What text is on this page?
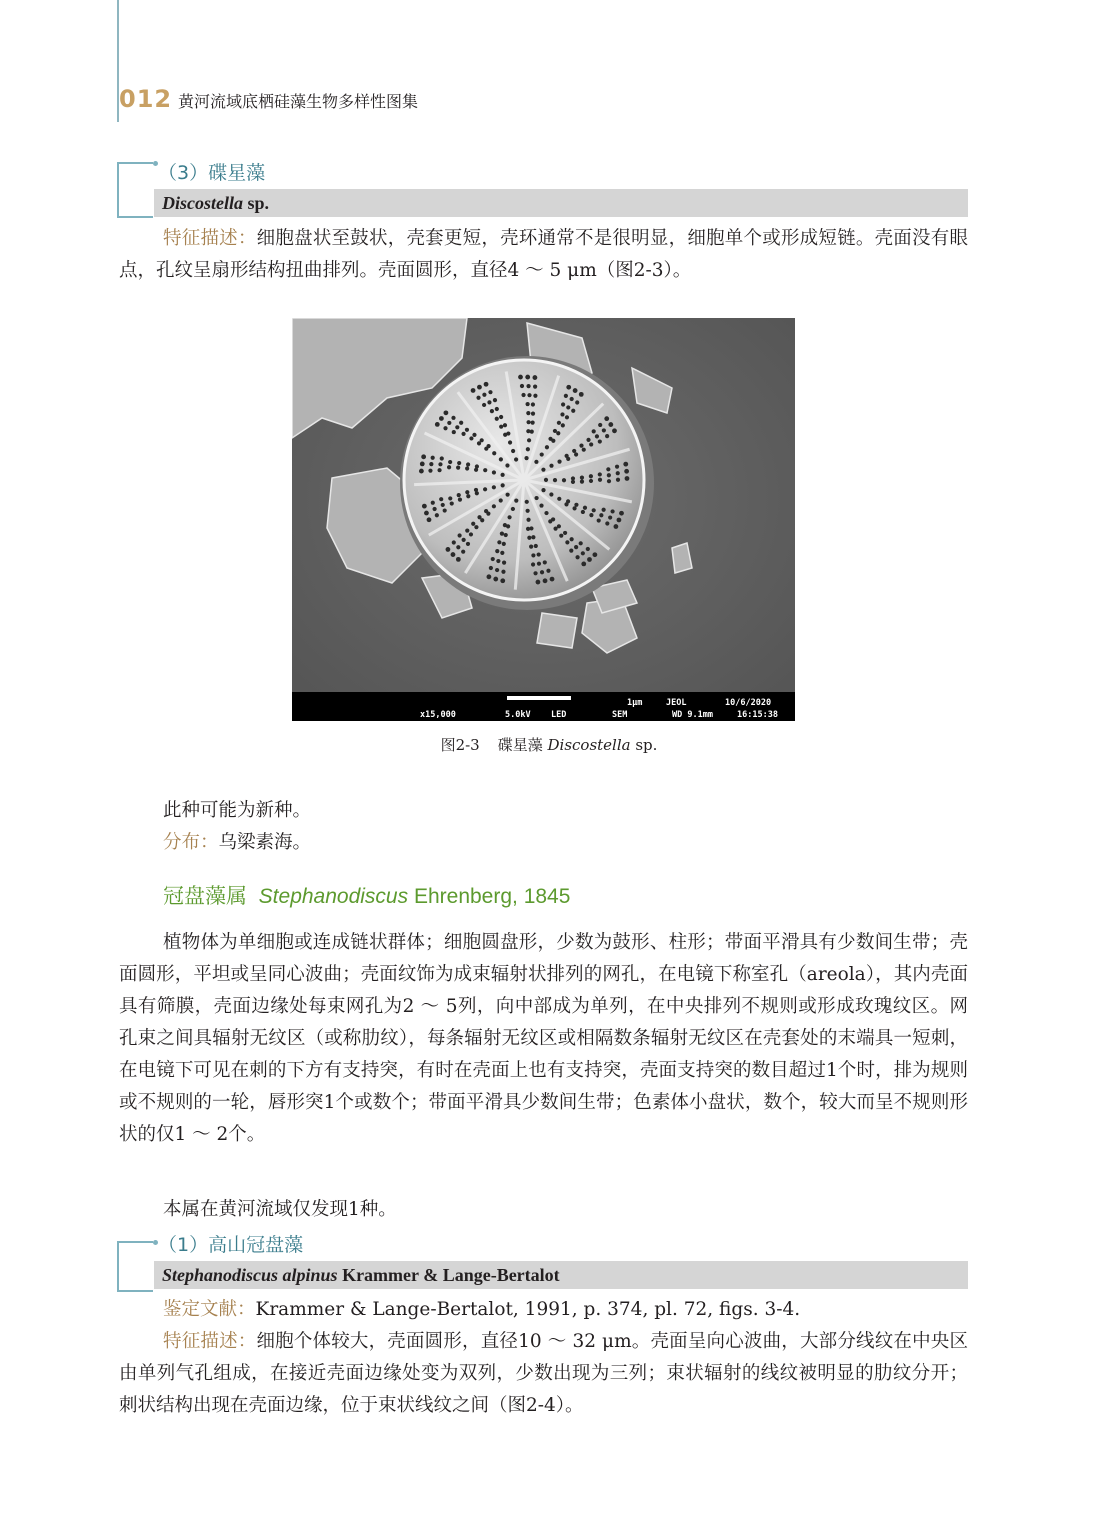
012 黄河流域底栖硅藻生物多样性图集
（3）碟星藻
Discostella sp.

特征描述：细胞盘状至鼓状，壳套更短，壳环通常不是很明显，细胞单个或形成短链。壳面没有眼点，孔纹呈扇形结构扭曲排列。壳面圆形，直径4 ～ 5 μm（图2-3）。

1μm	JEOL	10/6/2020
x15,000	5.0kV LED	SEM	WD 9.1mm	16:15:38
图2-3 碟星藻 Discostella sp.

此种可能为新种。

分布：乌梁素海。

冠盘藻属 Stephanodiscus Ehrenberg, 1845

植物体为单细胞或连成链状群体；细胞圆盘形，少数为鼓形、柱形；带面平滑具有少数间生带；壳面圆形，平坦或呈同心波曲；壳面纹饰为成束辐射状排列的网孔，在电镜下称室孔（areola），其内壳面具有筛膜，壳面边缘处每束网孔为2 ～ 5列，向中部成为单列，在中央排列不规则或形成玫瑰纹区。网孔束之间具辐射无纹区（或称肋纹），每条辐射无纹区或相隔数条辐射无纹区在壳套处的末端具一短刺，在电镜下可见在刺的下方有支持突，有时在壳面上也有支持突，壳面支持突的数目超过1个时，排为规则或不规则的一轮，唇形突1个或数个；带面平滑具少数间生带；色素体小盘状，数个，较大而呈不规则形状的仅1 ～ 2个。

本属在黄河流域仅发现1种。

（1）高山冠盘藻
Stephanodiscus alpinus Krammer & Lange-Bertalot

鉴定文献：Krammer & Lange-Bertalot, 1991, p. 374, pl. 72, figs. 3-4.

特征描述：细胞个体较大，壳面圆形，直径10 ～ 32 μm。壳面呈向心波曲，大部分线纹在中央区由单列气孔组成，在接近壳面边缘处变为双列，少数出现为三列；束状辐射的线纹被明显的肋纹分开；刺状结构出现在壳面边缘，位于束状线纹之间（图2-4）。
